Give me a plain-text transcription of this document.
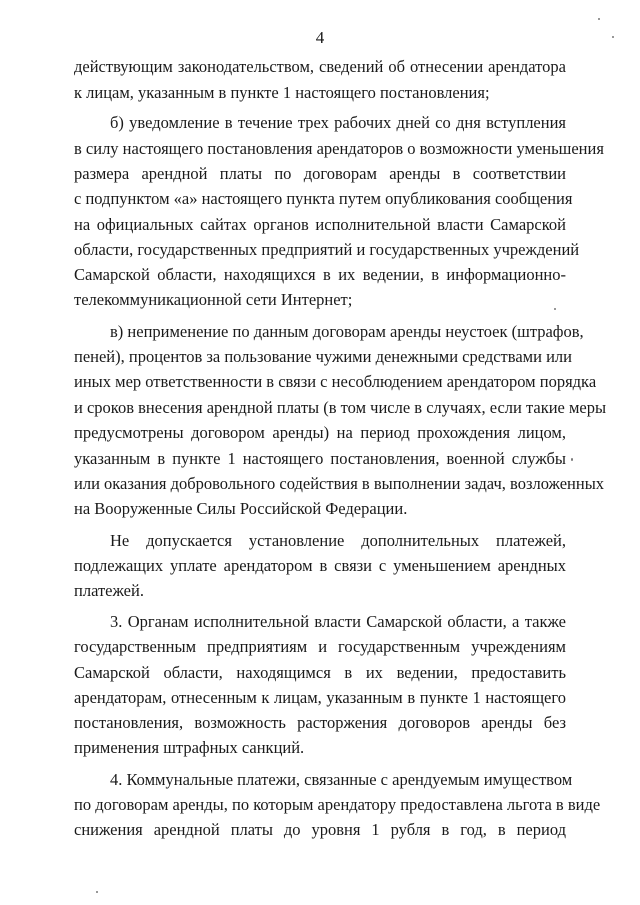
4
действующим законодательством, сведений об отнесении арендатора
к лицам, указанным в пункте 1 настоящего постановления;
б) уведомление в течение трех рабочих дней со дня вступления
в силу настоящего постановления арендаторов о возможности уменьшения
размера арендной платы по договорам аренды в соответствии
с подпунктом «а» настоящего пункта путем опубликования сообщения
на официальных сайтах органов исполнительной власти Самарской
области, государственных предприятий и государственных учреждений
Самарской области, находящихся в их ведении, в информационно-
телекоммуникационной сети Интернет;
в) неприменение по данным договорам аренды неустоек (штрафов,
пеней), процентов за пользование чужими денежными средствами или
иных мер ответственности в связи с несоблюдением арендатором порядка
и сроков внесения арендной платы (в том числе в случаях, если такие меры
предусмотрены договором аренды) на период прохождения лицом,
указанным в пункте 1 настоящего постановления, военной службы
или оказания добровольного содействия в выполнении задач, возложенных
на Вооруженные Силы Российской Федерации.
Не допускается установление дополнительных платежей,
подлежащих уплате арендатором в связи с уменьшением арендных
платежей.
3. Органам исполнительной власти Самарской области, а также
государственным предприятиям и государственным учреждениям
Самарской области, находящимся в их ведении, предоставить
арендаторам, отнесенным к лицам, указанным в пункте 1 настоящего
постановления, возможность расторжения договоров аренды без
применения штрафных санкций.
4. Коммунальные платежи, связанные с арендуемым имуществом
по договорам аренды, по которым арендатору предоставлена льгота в виде
снижения арендной платы до уровня 1 рубля в год, в период
